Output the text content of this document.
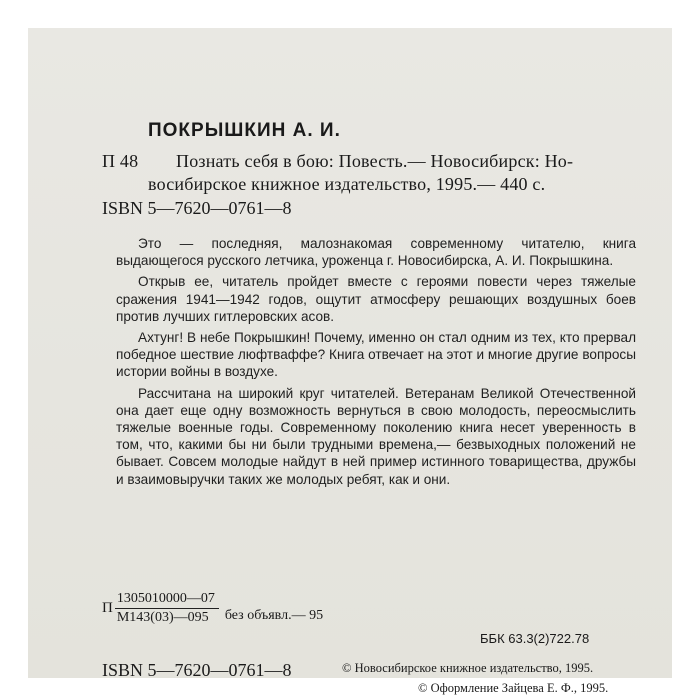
ПОКРЫШКИН А. И.
П 48 Познать себя в бою: Повесть.— Новосибирск: Но-
восибирское книжное издательство, 1995.— 440 с.
ISBN 5—7620—0761—8

Это — последняя, малознакомая современному читателю, книга выдающегося русского летчика, уроженца г. Новосибирска, А. И. Покрышкина.

Открыв ее, читатель пройдет вместе с героями повести через тяжелые сражения 1941—1942 годов, ощутит атмосферу решающих воздушных боев против лучших гитлеровских асов.

Ахтунг! В небе Покрышкин! Почему, именно он стал одним из тех, кто прервал победное шествие люфтваффе? Книга отвечает на этот и многие другие вопросы истории войны в воздухе.

Рассчитана на широкий круг читателей. Ветеранам Великой Отечественной она дает еще одну возможность вернуться в свою молодость, переосмыслить тяжелые военные годы. Современному поколению книга несет уверенность в том, что, какими бы ни были трудными времена,— безвыходных положений не бывает. Совсем молодые найдут в ней пример истинного товарищества, дружбы и взаимовыручки таких же молодых ребят, как и они.

П $\frac{1305010000—07}{М143(03)—095}$ без объявл.— 95
ББК 63.3(2)722.78
ISBN 5—7620—0761—8	© Новосибирское книжное издательство, 1995.
© Оформление Зайцева Е. Ф., 1995.
